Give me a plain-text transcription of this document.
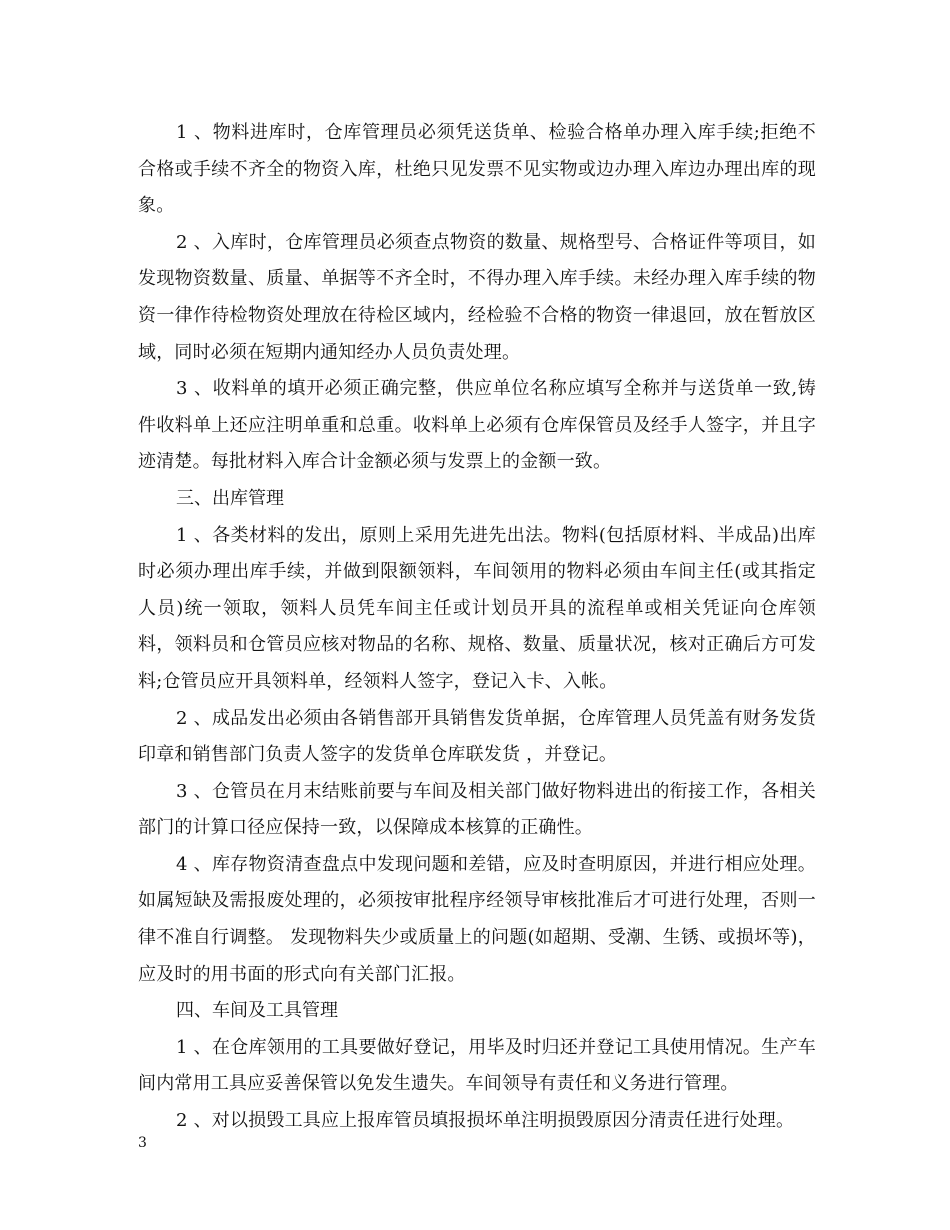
1 、物料进库时，仓库管理员必须凭送货单、检验合格单办理入库手续;拒绝不合格或手续不齐全的物资入库，杜绝只见发票不见实物或边办理入库边办理出库的现象。

2 、入库时，仓库管理员必须查点物资的数量、规格型号、合格证件等项目，如发现物资数量、质量、单据等不齐全时，不得办理入库手续。未经办理入库手续的物资一律作待检物资处理放在待检区域内，经检验不合格的物资一律退回，放在暂放区域，同时必须在短期内通知经办人员负责处理。

3 、收料单的填开必须正确完整，供应单位名称应填写全称并与送货单一致,铸件收料单上还应注明单重和总重。收料单上必须有仓库保管员及经手人签字，并且字迹清楚。每批材料入库合计金额必须与发票上的金额一致。

三、出库管理

1 、各类材料的发出，原则上采用先进先出法。物料(包括原材料、半成品)出库时必须办理出库手续，并做到限额领料，车间领用的物料必须由车间主任(或其指定人员)统一领取，领料人员凭车间主任或计划员开具的流程单或相关凭证向仓库领料，领料员和仓管员应核对物品的名称、规格、数量、质量状况，核对正确后方可发料;仓管员应开具领料单，经领料人签字，登记入卡、入帐。

2 、成品发出必须由各销售部开具销售发货单据，仓库管理人员凭盖有财务发货印章和销售部门负责人签字的发货单仓库联发货 ，并登记。

3 、仓管员在月末结账前要与车间及相关部门做好物料进出的衔接工作，各相关部门的计算口径应保持一致，以保障成本核算的正确性。

4 、库存物资清查盘点中发现问题和差错，应及时查明原因，并进行相应处理。如属短缺及需报废处理的，必须按审批程序经领导审核批准后才可进行处理，否则一律不准自行调整。 发现物料失少或质量上的问题(如超期、受潮、生锈、或损坏等)，应及时的用书面的形式向有关部门汇报。

四、车间及工具管理

1 、在仓库领用的工具要做好登记，用毕及时归还并登记工具使用情况。生产车间内常用工具应妥善保管以免发生遗失。车间领导有责任和义务进行管理。

2 、对以损毁工具应上报库管员填报损坏单注明损毁原因分清责任进行处理。

3
